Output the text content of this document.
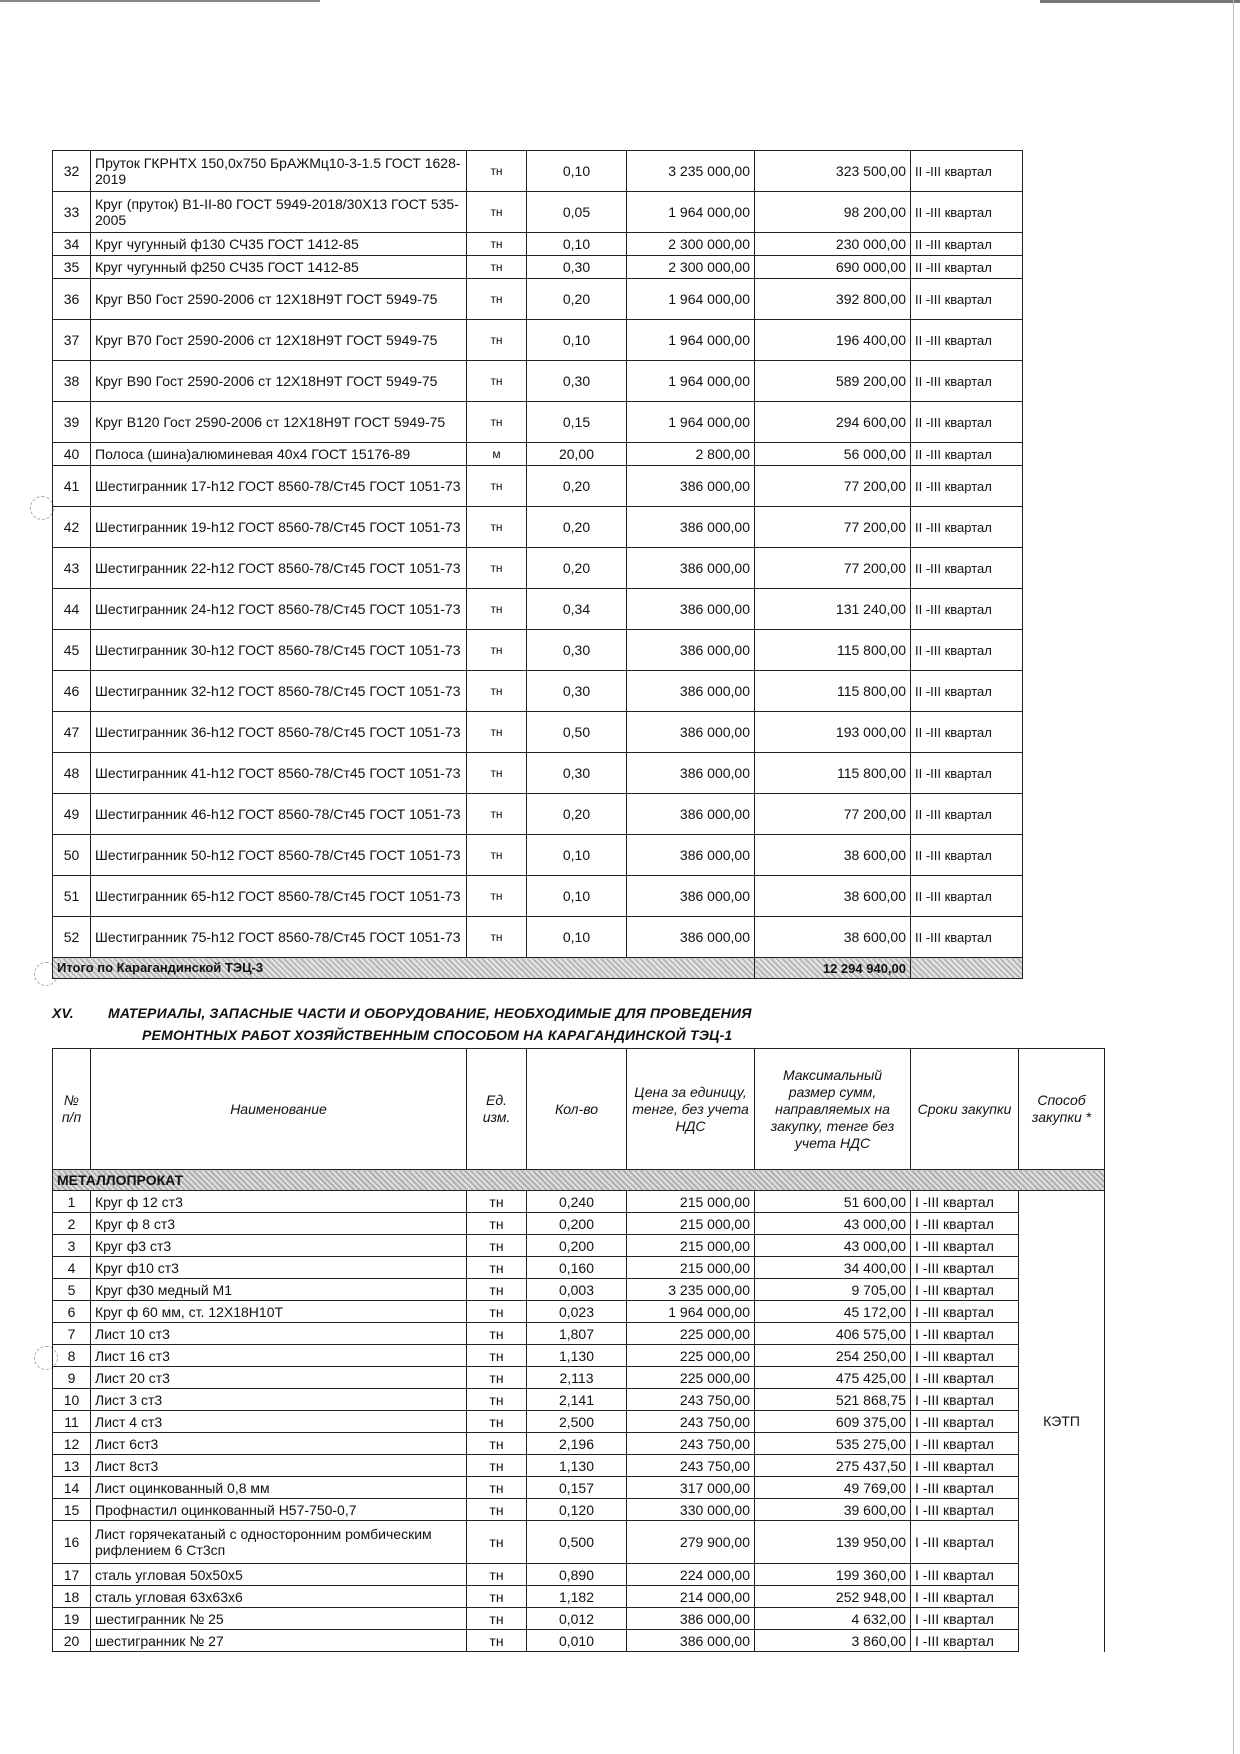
32	Пруток ГКРНТХ 150,0х750 БрАЖМц10-3-1.5 ГОСТ 1628-2019	тн	0,10	3 235 000,00	323 500,00	II -III квартал
33	Круг (пруток) В1-II-80 ГОСТ 5949-2018/30Х13 ГОСТ 535-2005	тн	0,05	1 964 000,00	98 200,00	II -III квартал
34	Круг чугунный ф130 СЧ35 ГОСТ 1412-85	тн	0,10	2 300 000,00	230 000,00	II -III квартал
35	Круг чугунный ф250 СЧ35 ГОСТ 1412-85	тн	0,30	2 300 000,00	690 000,00	II -III квартал
36	Круг В50 Гост 2590-2006 ст 12Х18Н9Т ГОСТ 5949-75	тн	0,20	1 964 000,00	392 800,00	II -III квартал
37	Круг В70 Гост 2590-2006 ст 12Х18Н9Т ГОСТ 5949-75	тн	0,10	1 964 000,00	196 400,00	II -III квартал
38	Круг В90 Гост 2590-2006 ст 12Х18Н9Т ГОСТ 5949-75	тн	0,30	1 964 000,00	589 200,00	II -III квартал
39	Круг В120 Гост 2590-2006 ст 12Х18Н9Т ГОСТ 5949-75	тн	0,15	1 964 000,00	294 600,00	II -III квартал
40	Полоса (шина)алюминевая 40х4 ГОСТ 15176-89	м	20,00	2 800,00	56 000,00	II -III квартал
41	Шестигранник 17-h12 ГОСТ 8560-78/Ст45 ГОСТ 1051-73	тн	0,20	386 000,00	77 200,00	II -III квартал
42	Шестигранник 19-h12 ГОСТ 8560-78/Ст45 ГОСТ 1051-73	тн	0,20	386 000,00	77 200,00	II -III квартал
43	Шестигранник 22-h12 ГОСТ 8560-78/Ст45 ГОСТ 1051-73	тн	0,20	386 000,00	77 200,00	II -III квартал
44	Шестигранник 24-h12 ГОСТ 8560-78/Ст45 ГОСТ 1051-73	тн	0,34	386 000,00	131 240,00	II -III квартал
45	Шестигранник 30-h12 ГОСТ 8560-78/Ст45 ГОСТ 1051-73	тн	0,30	386 000,00	115 800,00	II -III квартал
46	Шестигранник 32-h12 ГОСТ 8560-78/Ст45 ГОСТ 1051-73	тн	0,30	386 000,00	115 800,00	II -III квартал
47	Шестигранник 36-h12 ГОСТ 8560-78/Ст45 ГОСТ 1051-73	тн	0,50	386 000,00	193 000,00	II -III квартал
48	Шестигранник 41-h12 ГОСТ 8560-78/Ст45 ГОСТ 1051-73	тн	0,30	386 000,00	115 800,00	II -III квартал
49	Шестигранник 46-h12 ГОСТ 8560-78/Ст45 ГОСТ 1051-73	тн	0,20	386 000,00	77 200,00	II -III квартал
50	Шестигранник 50-h12 ГОСТ 8560-78/Ст45 ГОСТ 1051-73	тн	0,10	386 000,00	38 600,00	II -III квартал
51	Шестигранник 65-h12 ГОСТ 8560-78/Ст45 ГОСТ 1051-73	тн	0,10	386 000,00	38 600,00	II -III квартал
52	Шестигранник 75-h12 ГОСТ 8560-78/Ст45 ГОСТ 1051-73	тн	0,10	386 000,00	38 600,00	II -III квартал
Итого по Карагандинской ТЭЦ-3					12 294 940,00	
XV. МАТЕРИАЛЫ, ЗАПАСНЫЕ ЧАСТИ И ОБОРУДОВАНИЕ, НЕОБХОДИМЫЕ ДЛЯ ПРОВЕДЕНИЯ
РЕМОНТНЫХ РАБОТ ХОЗЯЙСТВЕННЫМ СПОСОБОМ НА КАРАГАНДИНСКОЙ ТЭЦ-1
№ п/п	Наименование	Ед. изм.	Кол-во	Цена за единицу, тенге, без учета НДС	Максимальный размер сумм, направляемых на закупку, тенге без учета НДС	Сроки закупки	Способ закупки *
МЕТАЛЛОПРОКАТ							
1	Круг ф 12 ст3	тн	0,240	215 000,00	51 600,00	I -III квартал	КЭТП
2	Круг ф 8 ст3	тн	0,200	215 000,00	43 000,00	I -III квартал	
3	Круг ф3 ст3	тн	0,200	215 000,00	43 000,00	I -III квартал	
4	Круг ф10 ст3	тн	0,160	215 000,00	34 400,00	I -III квартал	
5	Круг ф30 медный М1	тн	0,003	3 235 000,00	9 705,00	I -III квартал	
6	Круг ф 60 мм, ст. 12Х18Н10Т	тн	0,023	1 964 000,00	45 172,00	I -III квартал	
7	Лист 10 ст3	тн	1,807	225 000,00	406 575,00	I -III квартал	
8	Лист 16 ст3	тн	1,130	225 000,00	254 250,00	I -III квартал	
9	Лист 20 ст3	тн	2,113	225 000,00	475 425,00	I -III квартал	
10	Лист 3 ст3	тн	2,141	243 750,00	521 868,75	I -III квартал	
11	Лист 4 ст3	тн	2,500	243 750,00	609 375,00	I -III квартал	
12	Лист 6ст3	тн	2,196	243 750,00	535 275,00	I -III квартал	
13	Лист 8ст3	тн	1,130	243 750,00	275 437,50	I -III квартал	
14	Лист оцинкованный 0,8 мм	тн	0,157	317 000,00	49 769,00	I -III квартал	
15	Профнастил оцинкованный Н57-750-0,7	тн	0,120	330 000,00	39 600,00	I -III квартал	
16	Лист горячекатаный с односторонним ромбическим рифлением 6 Ст3сп	тн	0,500	279 900,00	139 950,00	I -III квартал	
17	сталь угловая 50х50х5	тн	0,890	224 000,00	199 360,00	I -III квартал	
18	сталь угловая 63х63х6	тн	1,182	214 000,00	252 948,00	I -III квартал	
19	шестигранник № 25	тн	0,012	386 000,00	4 632,00	I -III квартал	
20	шестигранник № 27	тн	0,010	386 000,00	3 860,00	I -III квартал	
